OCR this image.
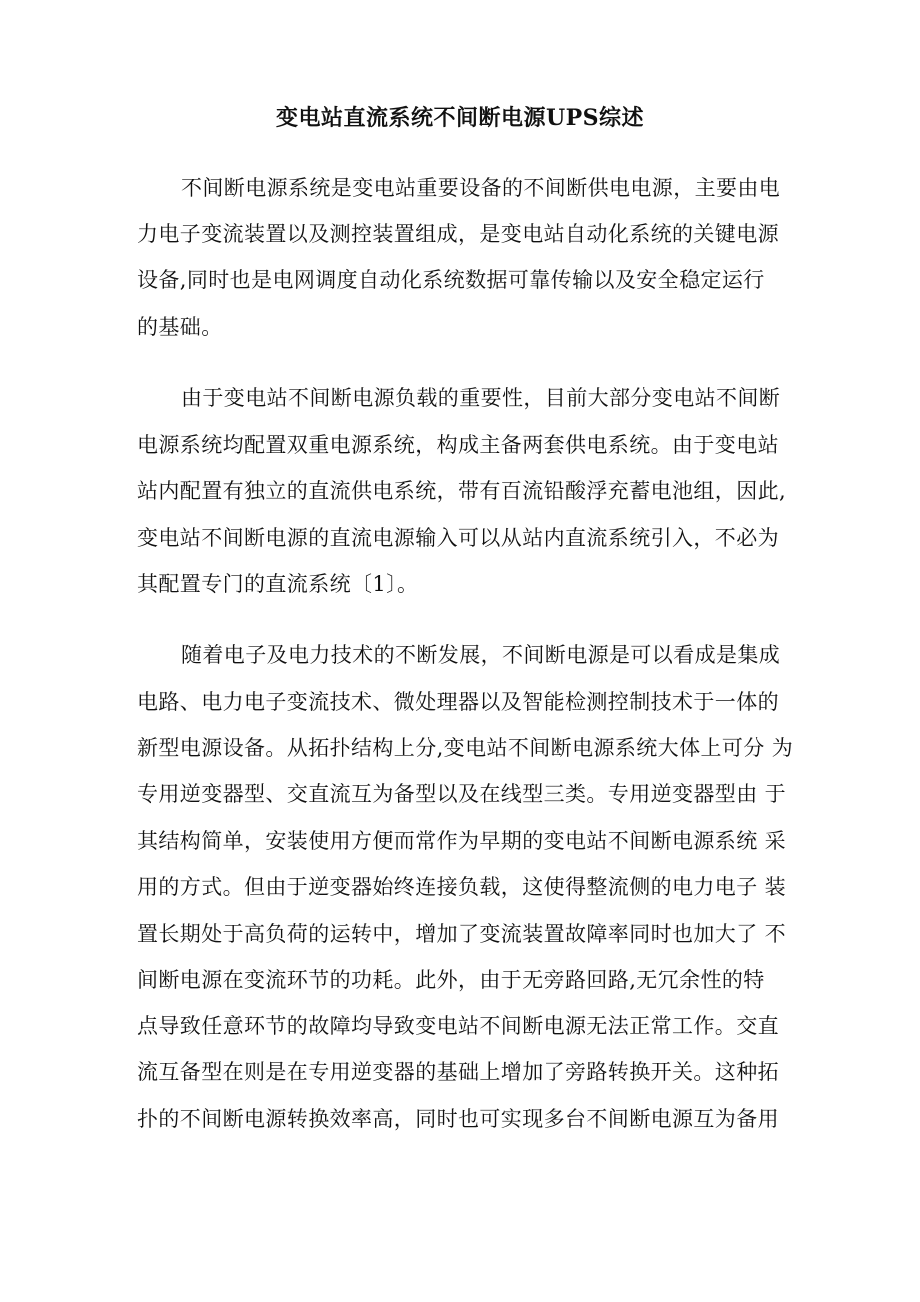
变电站直流系统不间断电源UPS综述
不间断电源系统是变电站重要设备的不间断供电电源，主要由电
力电子变流装置以及测控装置组成，是变电站自动化系统的关键电源
设备,同时也是电网调度自动化系统数据可靠传输以及安全稳定运行
的基础。
由于变电站不间断电源负载的重要性，目前大部分变电站不间断
电源系统均配置双重电源系统，构成主备两套供电系统。由于变电站
站内配置有独立的直流供电系统，带有百流铅酸浮充蓄电池组，因此,
变电站不间断电源的直流电源输入可以从站内直流系统引入，不必为
其配置专门的直流系统〔1〕。
随着电子及电力技术的不断发展，不间断电源是可以看成是集成
电路、电力电子变流技术、微处理器以及智能检测控制技术于一体的
新型电源设备。从拓扑结构上分,变电站不间断电源系统大体上可分 为
专用逆变器型、交直流互为备型以及在线型三类。专用逆变器型由 于
其结构简单，安装使用方便而常作为早期的变电站不间断电源系统 采
用的方式。但由于逆变器始终连接负载，这使得整流侧的电力电子 装
置长期处于高负荷的运转中，增加了变流装置故障率同时也加大了 不
间断电源在变流环节的功耗。此外，由于无旁路回路,无冗余性的特
点导致任意环节的故障均导致变电站不间断电源无法正常工作。交直
流互备型在则是在专用逆变器的基础上增加了旁路转换开关。这种拓
扑的不间断电源转换效率高，同时也可实现多台不间断电源互为备用
